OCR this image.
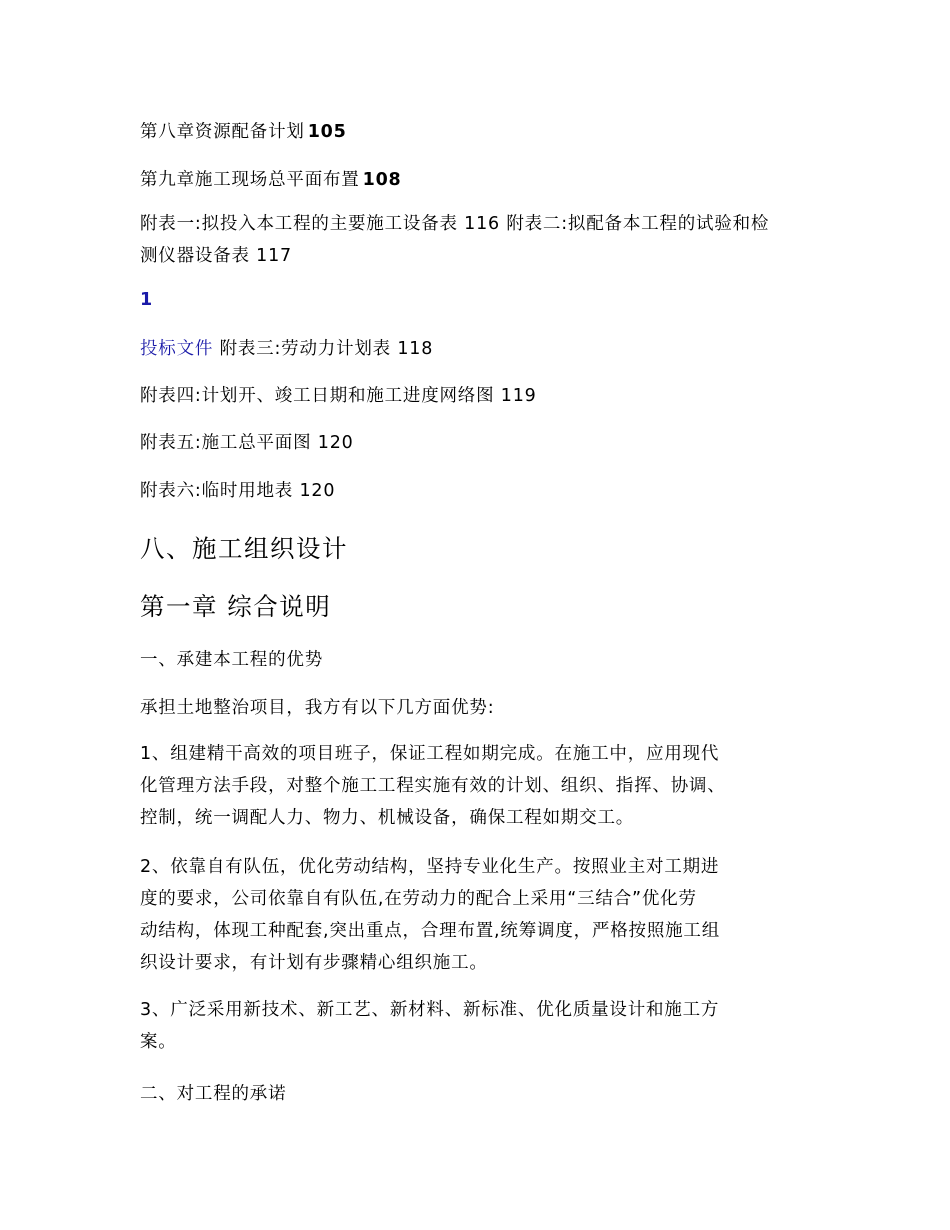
第八章资源配备计划 105
第九章施工现场总平面布置 108
附表一:拟投入本工程的主要施工设备表 116 附表二:拟配备本工程的试验和检
测仪器设备表 117
1
投标文件 附表三:劳动力计划表 118
附表四:计划开、竣工日期和施工进度网络图 119
附表五:施工总平面图 120
附表六:临时用地表 120
八、施工组织设计
第一章 综合说明
一、承建本工程的优势
承担土地整治项目，我方有以下几方面优势:
1、组建精干高效的项目班子，保证工程如期完成。在施工中，应用现代
化管理方法手段，对整个施工工程实施有效的计划、组织、指挥、协调、
控制，统一调配人力、物力、机械设备，确保工程如期交工。
2、依靠自有队伍，优化劳动结构，坚持专业化生产。按照业主对工期进
度的要求，公司依靠自有队伍,在劳动力的配合上采用“三结合”优化劳
动结构，体现工种配套,突出重点，合理布置,统筹调度，严格按照施工组
织设计要求，有计划有步骤精心组织施工。
3、广泛采用新技术、新工艺、新材料、新标准、优化质量设计和施工方
案。
二、对工程的承诺
